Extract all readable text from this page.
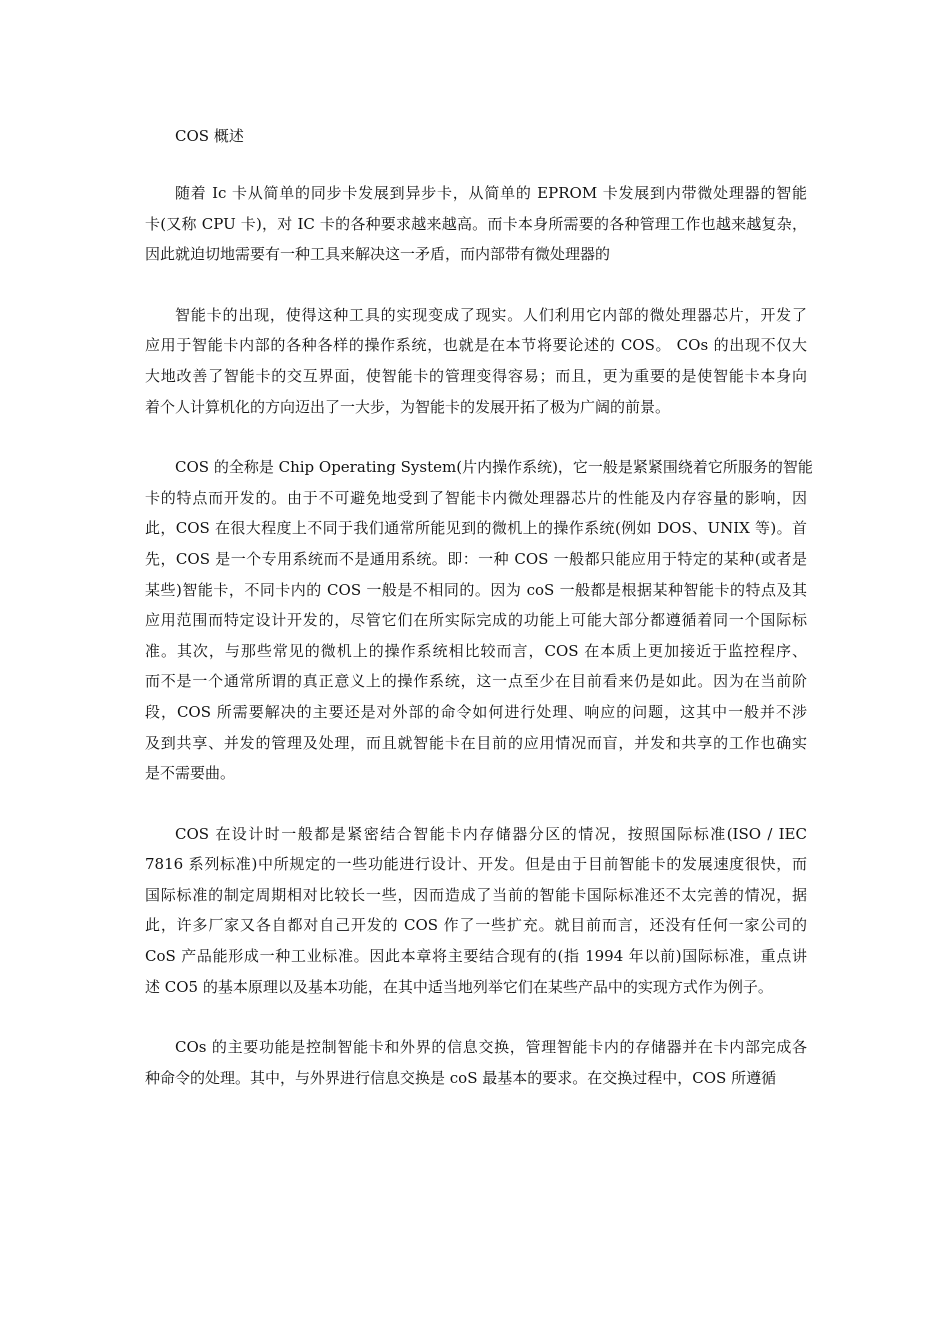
COS 概述
随着 Ic 卡从简单的同步卡发展到异步卡，从简单的 EPROM 卡发展到内带微处理器的智能
卡(又称 CPU 卡)，对 IC 卡的各种要求越来越高。而卡本身所需要的各种管理工作也越来越复杂，
因此就迫切地需要有一种工具来解决这一矛盾，而内部带有微处理器的
智能卡的出现，使得这种工具的实现变成了现实。人们利用它内部的微处理器芯片，开发了
应用于智能卡内部的各种各样的操作系统，也就是在本节将要论述的 COS。 COs 的出现不仅大
大地改善了智能卡的交互界面，使智能卡的管理变得容易；而且，更为重要的是使智能卡本身向
着个人计算机化的方向迈出了一大步，为智能卡的发展开拓了极为广阔的前景。
COS 的全称是 Chip Operating System(片内操作系统)，它一般是紧紧围绕着它所服务的智能
卡的特点而开发的。由于不可避免地受到了智能卡内微处理器芯片的性能及内存容量的影响，因
此，COS 在很大程度上不同于我们通常所能见到的微机上的操作系统(例如 DOS、UNIX 等)。首
先，COS 是一个专用系统而不是通用系统。即：一种 COS 一般都只能应用于特定的某种(或者是
某些)智能卡，不同卡内的 COS 一般是不相同的。因为 coS 一般都是根据某种智能卡的特点及其
应用范围而特定设计开发的，尽管它们在所实际完成的功能上可能大部分都遵循着同一个国际标
准。其次，与那些常见的微机上的操作系统相比较而言，COS 在本质上更加接近于监控程序、
而不是一个通常所谓的真正意义上的操作系统，这一点至少在目前看来仍是如此。因为在当前阶
段，COS 所需要解决的主要还是对外部的命令如何进行处理、响应的问题，这其中一般并不涉
及到共享、并发的管理及处理，而且就智能卡在目前的应用情况而盲，并发和共享的工作也确实
是不需要曲。
COS 在设计时一般都是紧密结合智能卡内存储器分区的情况，按照国际标准(ISO / IEC
7816 系列标准)中所规定的一些功能进行设计、开发。但是由于目前智能卡的发展速度很快，而
国际标准的制定周期相对比较长一些，因而造成了当前的智能卡国际标准还不太完善的情况，据
此，许多厂家又各自都对自己开发的 COS 作了一些扩充。就目前而言，还没有任何一家公司的
CoS 产品能形成一种工业标准。因此本章将主要结合现有的(指 1994 年以前)国际标准，重点讲
述 CO5 的基本原理以及基本功能，在其中适当地列举它们在某些产品中的实现方式作为例子。
COs 的主要功能是控制智能卡和外界的信息交换，管理智能卡内的存储器并在卡内部完成各
种命令的处理。其中，与外界进行信息交换是 coS 最基本的要求。在交换过程中，COS 所遵循
